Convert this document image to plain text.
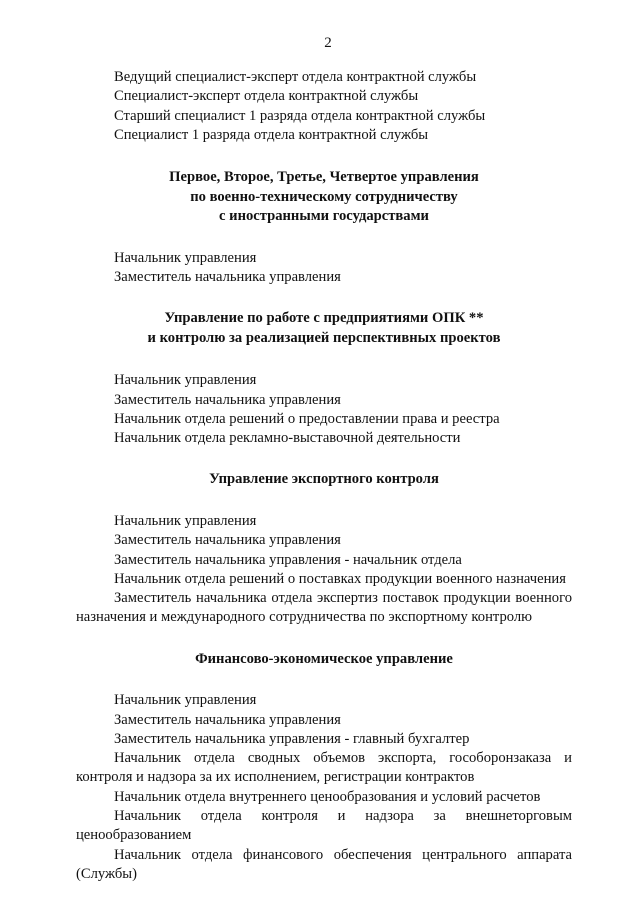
2

Ведущий специалист-эксперт отдела контрактной службы

Специалист-эксперт отдела контрактной службы

Старший специалист 1 разряда отдела контрактной службы

Специалист 1 разряда отдела контрактной службы

Первое, Второе, Третье, Четвертое управления
по военно-техническому сотрудничеству
с иностранными государствами

Начальник управления

Заместитель начальника управления

Управление по работе с предприятиями ОПК **
и контролю за реализацией перспективных проектов

Начальник управления

Заместитель начальника управления

Начальник отдела решений о предоставлении права и реестра

Начальник отдела рекламно-выставочной деятельности

Управление экспортного контроля

Начальник управления

Заместитель начальника управления

Заместитель начальника управления - начальник отдела

Начальник отдела решений о поставках продукции военного назначения

Заместитель начальника отдела экспертиз поставок продукции военного назначения и международного сотрудничества по экспортному контролю

Финансово-экономическое управление

Начальник управления

Заместитель начальника управления

Заместитель начальника управления - главный бухгалтер

Начальник отдела сводных объемов экспорта, гособоронзаказа и контроля и надзора за их исполнением, регистрации контрактов

Начальник отдела внутреннего ценообразования и условий расчетов

Начальник отдела контроля и надзора за внешнеторговым ценообразованием

Начальник отдела финансового обеспечения центрального аппарата (Службы)
